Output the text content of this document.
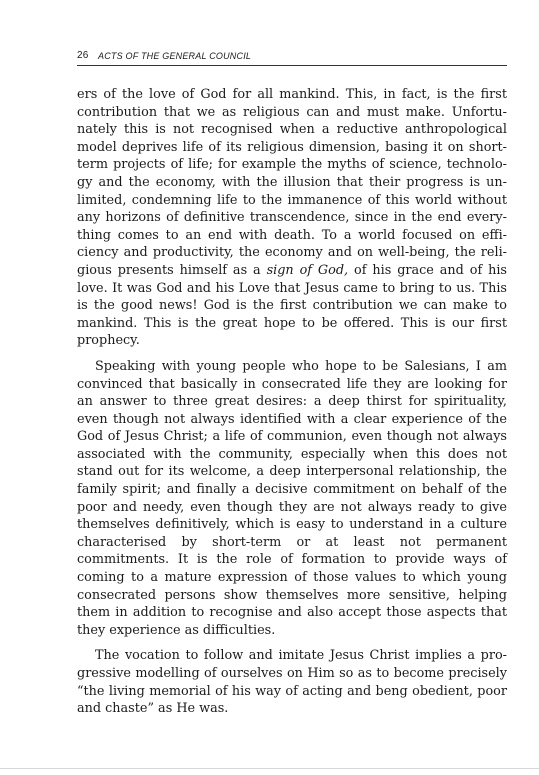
26 ACTS OF THE GENERAL COUNCIL

ers of the love of God for all mankind. This, in fact, is the first contribution that we as religious can and must make. Unfortunately this is not recognised when a reductive anthropological model deprives life of its religious dimension, basing it on short-term projects of life; for example the myths of science, technology and the economy, with the illusion that their progress is unlimited, condemning life to the immanence of this world without any horizons of definitive transcendence, since in the end everything comes to an end with death. To a world focused on efficiency and productivity, the economy and on well-being, the religious presents himself as a sign of God, of his grace and of his love. It was God and his Love that Jesus came to bring to us. This is the good news! God is the first contribution we can make to mankind. This is the great hope to be offered. This is our first prophecy.

Speaking with young people who hope to be Salesians, I am convinced that basically in consecrated life they are looking for an answer to three great desires: a deep thirst for spirituality, even though not always identified with a clear experience of the God of Jesus Christ; a life of communion, even though not always associated with the community, especially when this does not stand out for its welcome, a deep interpersonal relationship, the family spirit; and finally a decisive commitment on behalf of the poor and needy, even though they are not always ready to give themselves definitively, which is easy to understand in a culture characterised by short-term or at least not permanent commitments. It is the role of formation to provide ways of coming to a mature expression of those values to which young consecrated persons show themselves more sensitive, helping them in addition to recognise and also accept those aspects that they experience as difficulties.

The vocation to follow and imitate Jesus Christ implies a progressive modelling of ourselves on Him so as to become precisely “the living memorial of his way of acting and beng obedient, poor and chaste” as He was.
